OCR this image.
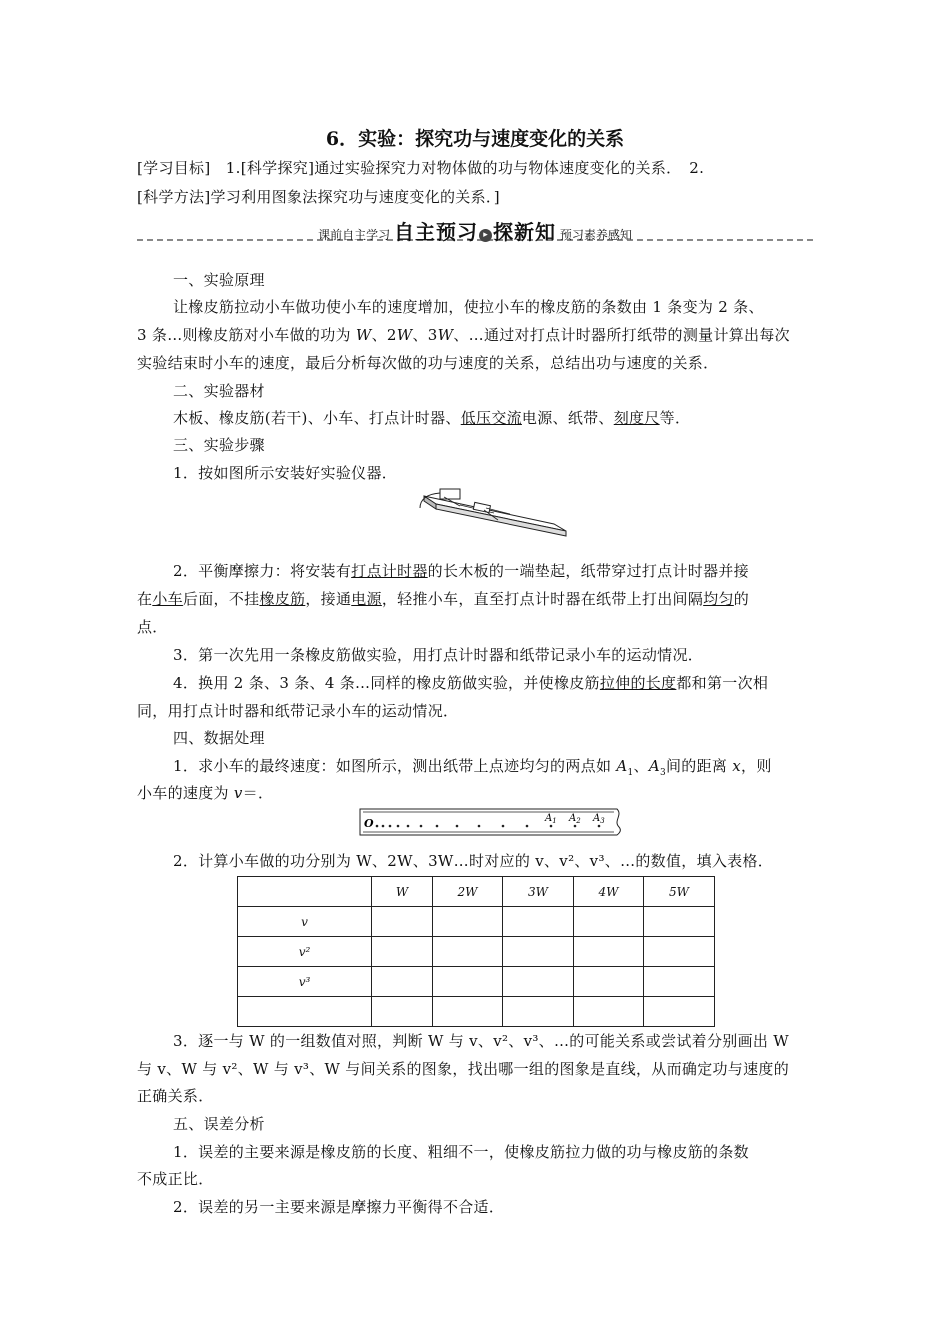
6．实验：探究功与速度变化的关系
[学习目标]　1.[科学探究]通过实验探究力对物体做的功与物体速度变化的关系．　2.
[科学方法]学习利用图象法探究功与速度变化的关系．]
课前自主学习 自主预习 ▸ 探新知 预习素养感知
一、实验原理
让橡皮筋拉动小车做功使小车的速度增加，使拉小车的橡皮筋的条数由 1 条变为 2 条、
3 条…则橡皮筋对小车做的功为 W、2W、3W、…通过对打点计时器所打纸带的测量计算出每次
实验结束时小车的速度，最后分析每次做的功与速度的关系，总结出功与速度的关系．
二、实验器材
木板、橡皮筋(若干)、小车、打点计时器、低压交流电源、纸带、刻度尺等．
三、实验步骤
1．按如图所示安装好实验仪器．
2．平衡摩擦力：将安装有打点计时器的长木板的一端垫起，纸带穿过打点计时器并接
在小车后面，不挂橡皮筋，接通电源，轻推小车，直至打点计时器在纸带上打出间隔均匀的
点．
3．第一次先用一条橡皮筋做实验，用打点计时器和纸带记录小车的运动情况．
4．换用 2 条、3 条、4 条…同样的橡皮筋做实验，并使橡皮筋拉伸的长度都和第一次相
同，用打点计时器和纸带记录小车的运动情况．
四、数据处理
1．求小车的最终速度：如图所示，测出纸带上点迹均匀的两点如 $A_1$、$A_3$间的距离 x，则
小车的速度为 v＝．
O	$A_1$ $A_2$ $A_3$
2．计算小车做的功分别为 W、2W、3W…时对应的 v、v²、v³、…的数值，填入表格．
	W	2W	3W	4W	5W
v					
v²					
v³					

3．逐一与 W 的一组数值对照，判断 W 与 v、v²、v³、…的可能关系或尝试着分别画出 W
与 v、W 与 v²、W 与 v³、W 与间关系的图象，找出哪一组的图象是直线，从而确定功与速度的
正确关系．
五、误差分析
1．误差的主要来源是橡皮筋的长度、粗细不一，使橡皮筋拉力做的功与橡皮筋的条数
不成正比．
2．误差的另一主要来源是摩擦力平衡得不合适．
